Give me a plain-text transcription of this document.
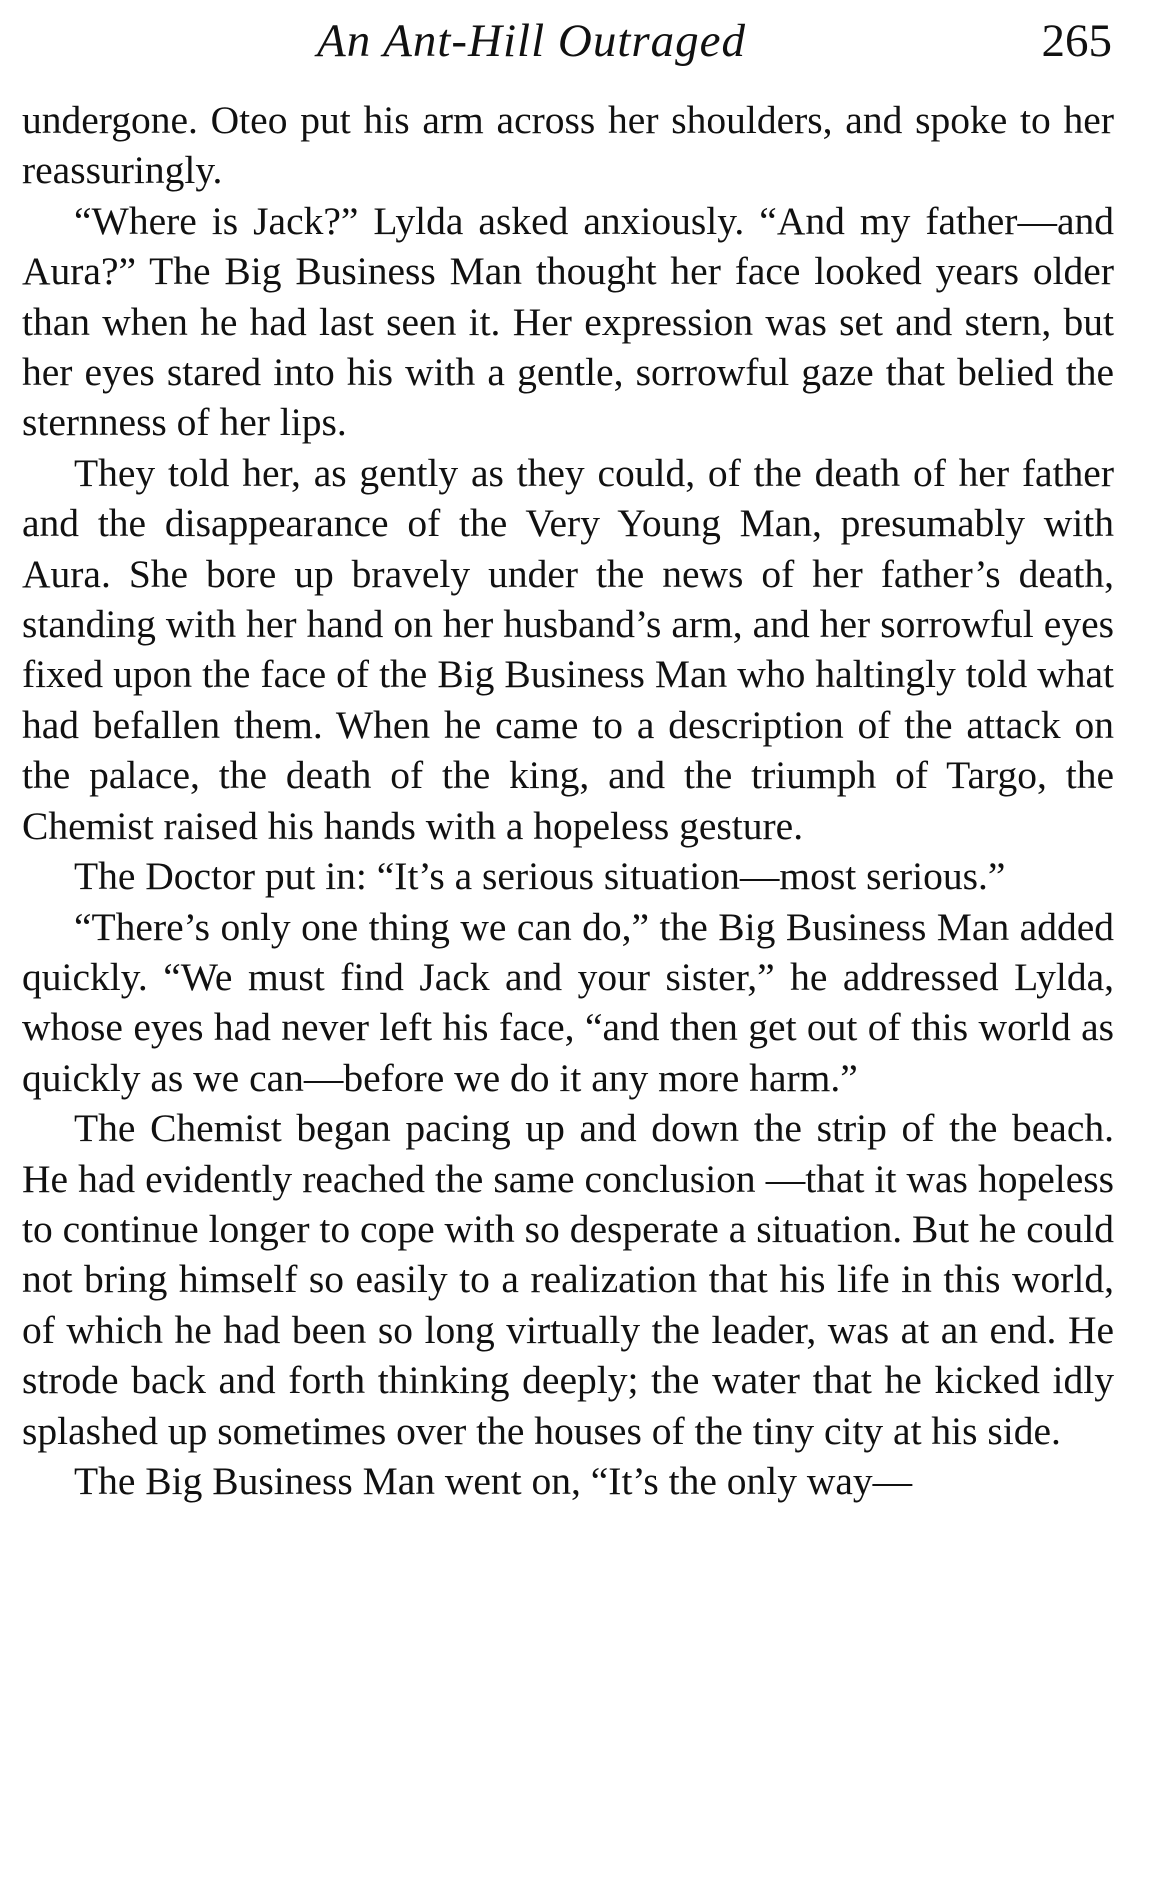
An Ant-Hill Outraged	265

undergone. Oteo put his arm across her shoulders, and spoke to her reassuringly.

“Where is Jack?” Lylda asked anxiously. “And my father—and Aura?” The Big Business Man thought her face looked years older than when he had last seen it. Her expression was set and stern, but her eyes stared into his with a gentle, sorrowful gaze that belied the sternness of her lips.

They told her, as gently as they could, of the death of her father and the disappearance of the Very Young Man, presumably with Aura. She bore up bravely under the news of her father’s death, standing with her hand on her husband’s arm, and her sorrowful eyes fixed upon the face of the Big Business Man who haltingly told what had befallen them. When he came to a description of the attack on the palace, the death of the king, and the triumph of Targo, the Chemist raised his hands with a hopeless gesture.

The Doctor put in: “It’s a serious situation—most serious.”

“There’s only one thing we can do,” the Big Business Man added quickly. “We must find Jack and your sister,” he addressed Lylda, whose eyes had never left his face, “and then get out of this world as quickly as we can—before we do it any more harm.”

The Chemist began pacing up and down the strip of the beach. He had evidently reached the same conclusion —that it was hopeless to continue longer to cope with so desperate a situation. But he could not bring himself so easily to a realization that his life in this world, of which he had been so long virtually the leader, was at an end. He strode back and forth thinking deeply; the water that he kicked idly splashed up sometimes over the houses of the tiny city at his side.

The Big Business Man went on, “It’s the only way—
